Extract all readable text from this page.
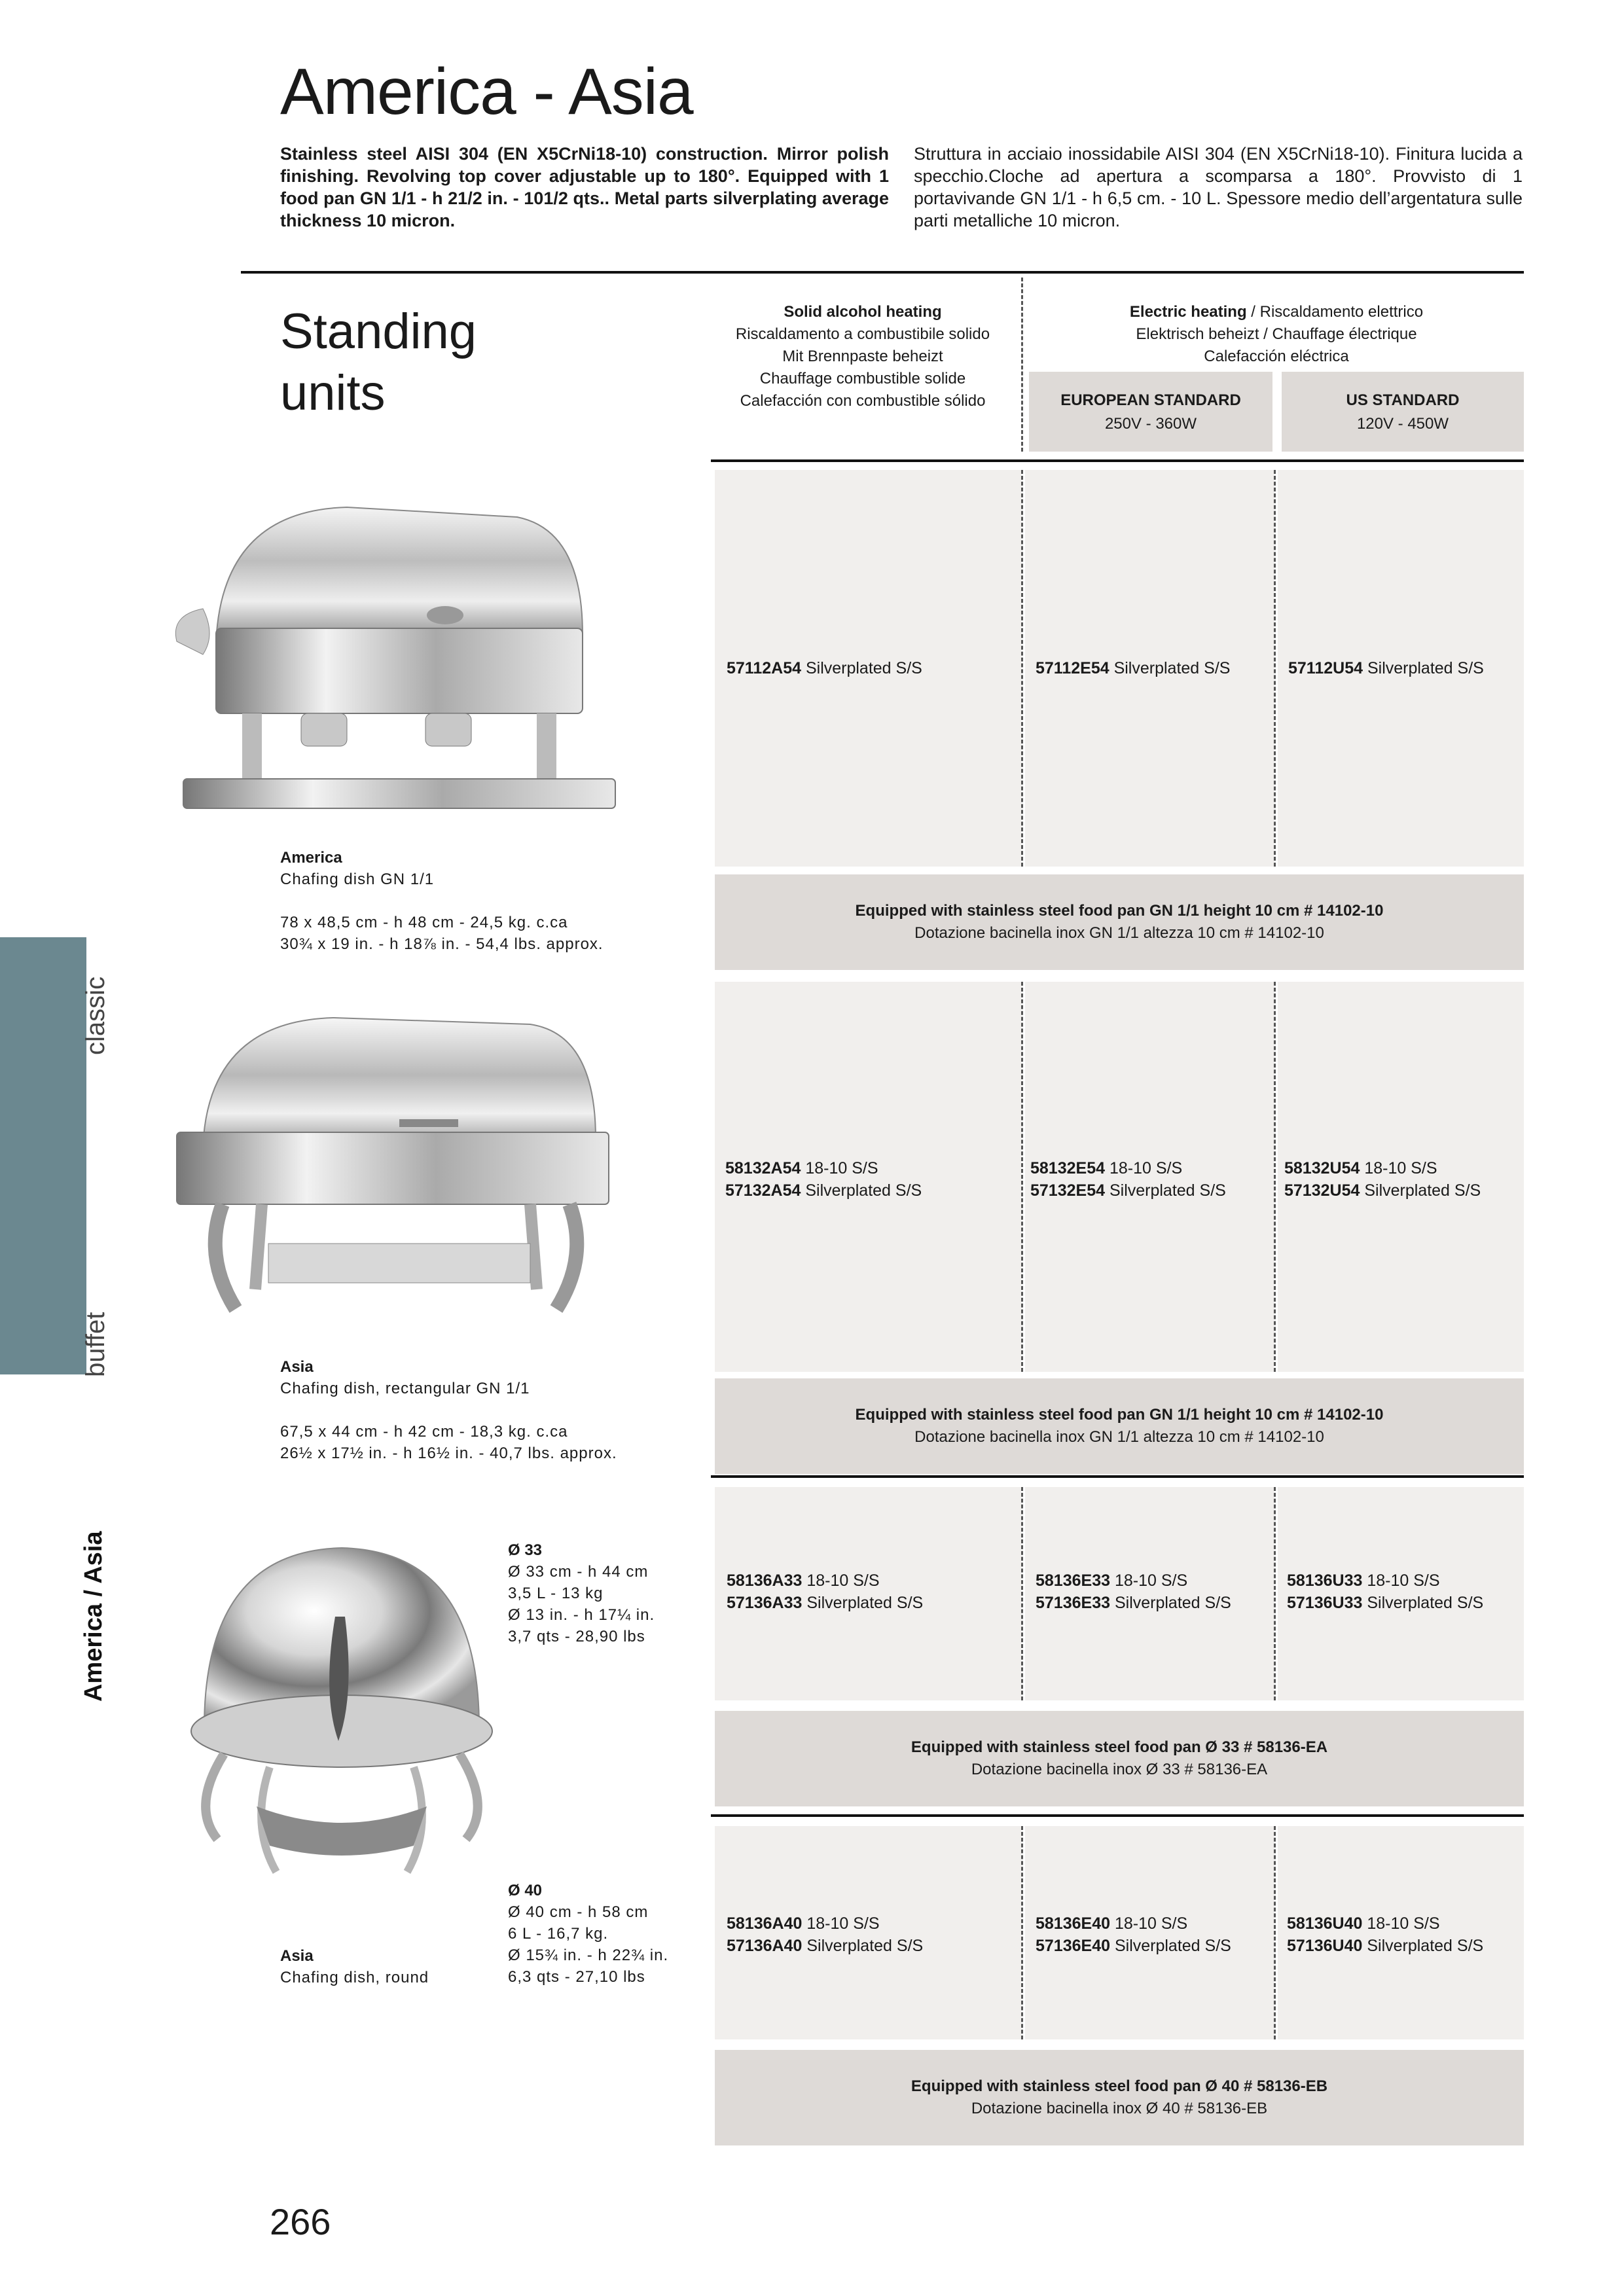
America - Asia
Stainless steel AISI 304 (EN X5CrNi18-10) construction. Mirror polish finishing. Revolving top cover adjustable up to 180°. Equipped with 1 food pan GN 1/1 - h 21/2 in. - 101/2 qts.. Metal parts silverplating average thickness 10 micron.
Struttura in acciaio inossidabile AISI 304 (EN X5CrNi18-10). Finitura lucida a specchio.Cloche ad apertura a scomparsa a 180°. Provvisto di 1 portavivande GN 1/1 - h 6,5 cm. - 10 L. Spessore medio dell’argentatura sulle parti metalliche 10 micron.
classic
buffet
America / Asia
Standing
units
Solid alcohol heating
Riscaldamento a combustibile solido
Mit Brennpaste beheizt
Chauffage combustible solide
Calefacción con combustible sólido
Electric heating / Riscaldamento elettrico
Elektrisch beheizt / Chauffage électrique
Calefacción eléctrica
EUROPEAN STANDARD
250V - 360W
US STANDARD
120V - 450W
57112A54 Silverplated S/S	57112E54 Silverplated S/S	57112U54 Silverplated S/S
Equipped with stainless steel food pan GN 1/1 height 10 cm # 14102-10
Dotazione bacinella inox GN 1/1 altezza 10 cm # 14102-10
America
Chafing dish GN 1/1
78 x 48,5 cm - h 48 cm - 24,5 kg. c.ca
30¾ x 19 in. - h 18⅞ in. - 54,4 lbs. approx.
58132A54 18-10 S/S
57132A54 Silverplated S/S
58132E54 18-10 S/S
57132E54 Silverplated S/S
58132U54 18-10 S/S
57132U54 Silverplated S/S
Equipped with stainless steel food pan GN 1/1 height 10 cm # 14102-10
Dotazione bacinella inox GN 1/1 altezza 10 cm # 14102-10
Asia
Chafing dish, rectangular GN 1/1
67,5 x 44 cm - h 42 cm - 18,3 kg. c.ca
26½ x 17½ in. - h 16½ in. - 40,7 lbs. approx.
58136A33 18-10 S/S
57136A33 Silverplated S/S
58136E33 18-10 S/S
57136E33 Silverplated S/S
58136U33 18-10 S/S
57136U33 Silverplated S/S
Equipped with stainless steel food pan Ø 33 # 58136-EA
Dotazione bacinella inox Ø 33 # 58136-EA
58136A40 18-10 S/S
57136A40 Silverplated S/S
58136E40 18-10 S/S
57136E40 Silverplated S/S
58136U40 18-10 S/S
57136U40 Silverplated S/S
Equipped with stainless steel food pan Ø 40 # 58136-EB
Dotazione bacinella inox Ø 40 # 58136-EB
Ø 33
Ø 33 cm - h 44 cm
3,5 L - 13 kg
Ø 13 in. - h 17¼ in.
3,7 qts - 28,90 lbs
Ø 40
Ø 40 cm - h 58 cm
6 L - 16,7 kg.
Ø 15¾ in. - h 22¾ in.
6,3 qts - 27,10 lbs
Asia
Chafing dish, round
266
